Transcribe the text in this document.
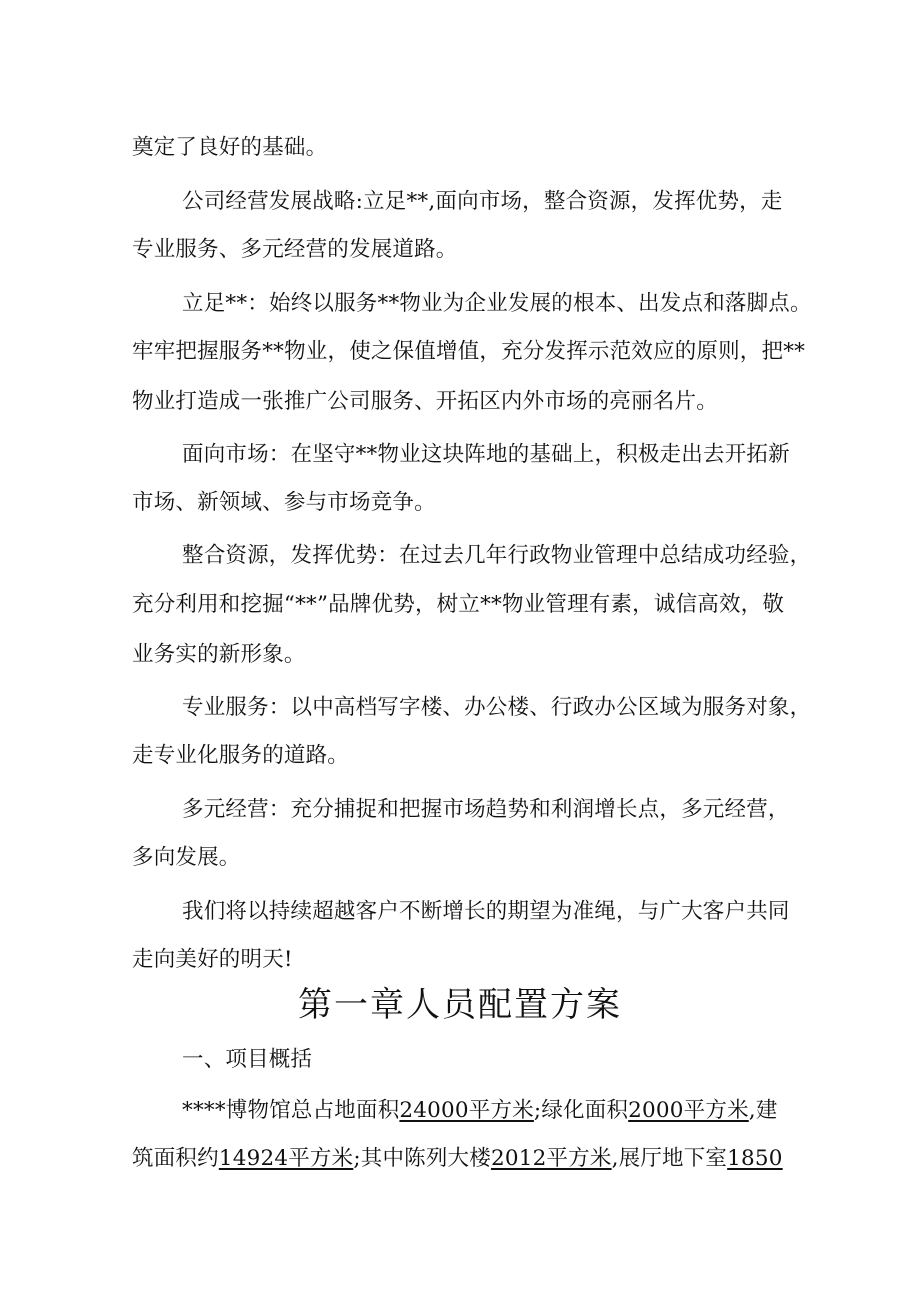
奠定了良好的基础。
公司经营发展战略:立足**,面向市场，整合资源，发挥优势，走
专业服务、多元经营的发展道路。
立足**：始终以服务**物业为企业发展的根本、出发点和落脚点。
牢牢把握服务**物业，使之保值增值，充分发挥示范效应的原则，把**
物业打造成一张推广公司服务、开拓区内外市场的亮丽名片。
面向市场：在坚守**物业这块阵地的基础上，积极走出去开拓新
市场、新领域、参与市场竞争。
整合资源，发挥优势：在过去几年行政物业管理中总结成功经验，
充分利用和挖掘“**”品牌优势，树立**物业管理有素，诚信高效，敬
业务实的新形象。
专业服务：以中高档写字楼、办公楼、行政办公区域为服务对象，
走专业化服务的道路。
多元经营：充分捕捉和把握市场趋势和利润增长点，多元经营，
多向发展。
我们将以持续超越客户不断增长的期望为准绳，与广大客户共同
走向美好的明天!
第一章人员配置方案
一、项目概括
****博物馆总占地面积24000平方米;绿化面积2000平方米,建
筑面积约14924平方米;其中陈列大楼2012平方米,展厅地下室1850
